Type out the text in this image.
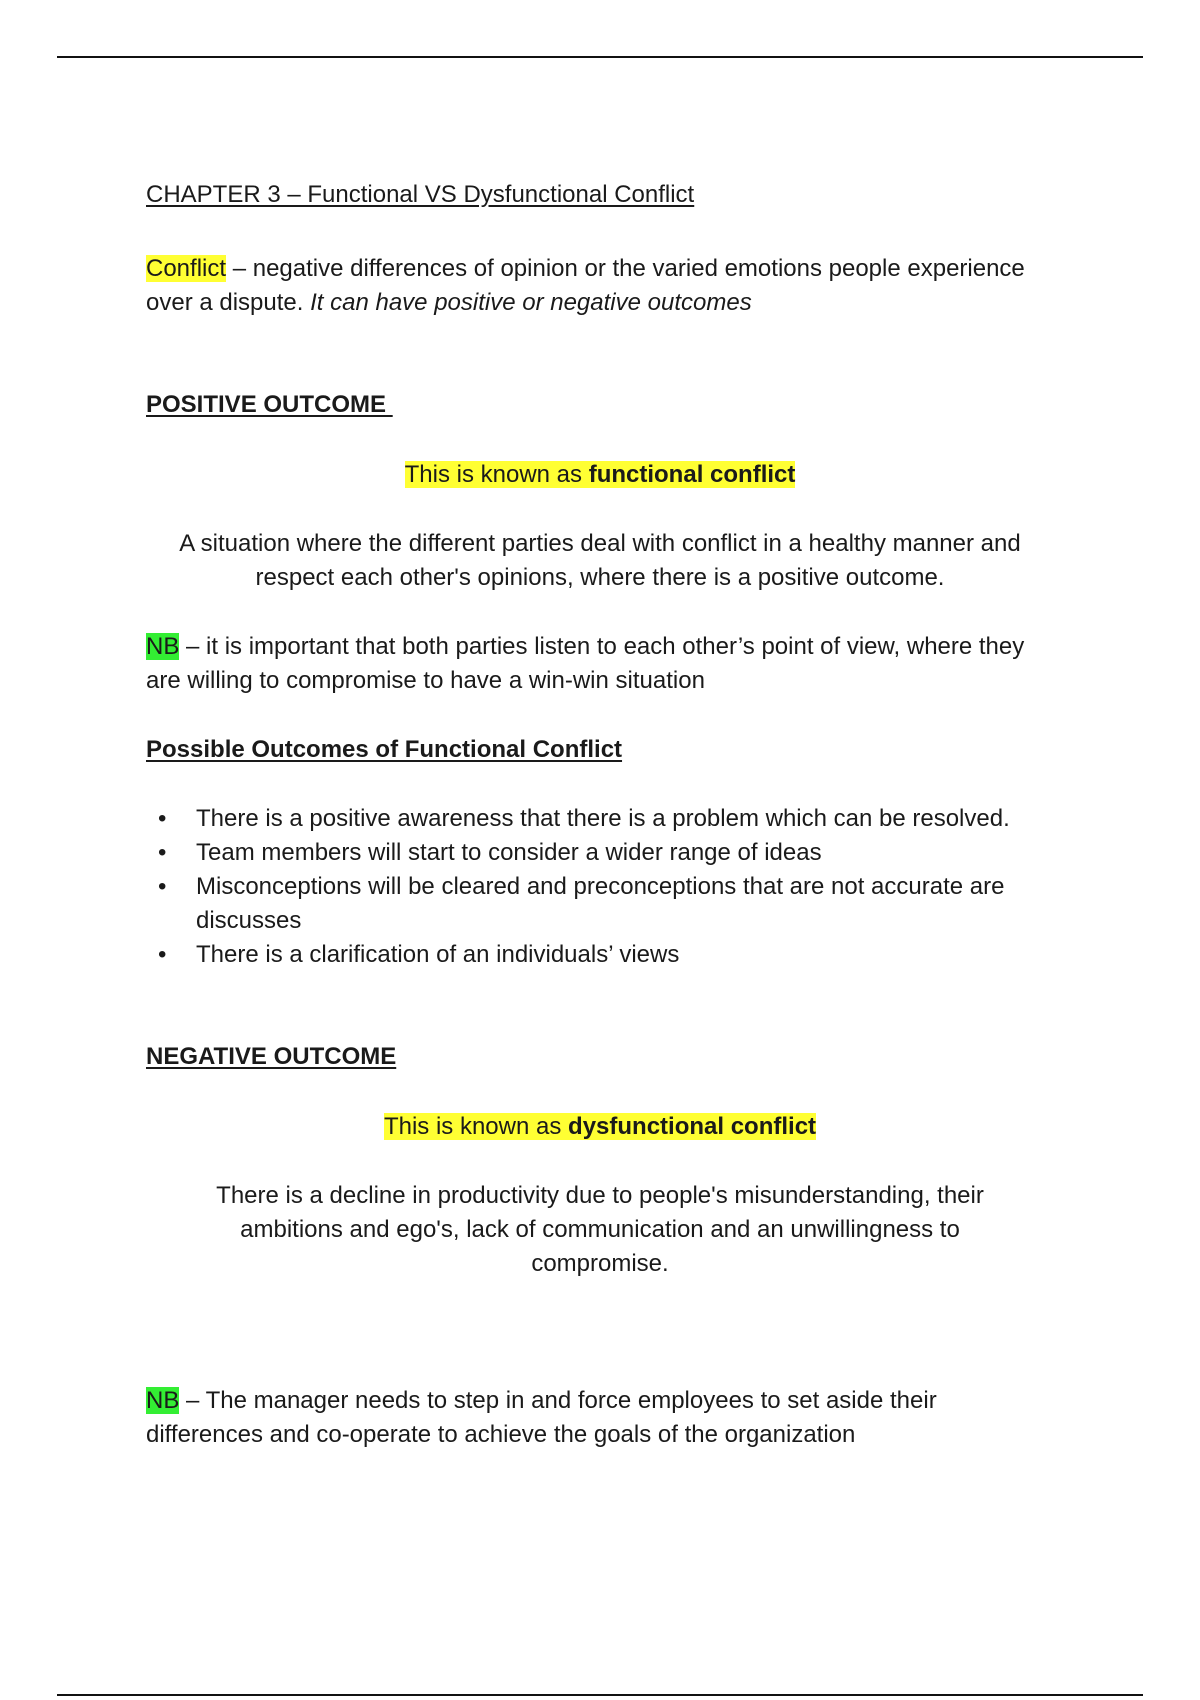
CHAPTER 3 – Functional VS Dysfunctional Conflict

Conflict – negative differences of opinion or the varied emotions people experience over a dispute. It can have positive or negative outcomes

POSITIVE OUTCOME

This is known as functional conflict

A situation where the different parties deal with conflict in a healthy manner and respect each other's opinions, where there is a positive outcome.

NB – it is important that both parties listen to each other’s point of view, where they are willing to compromise to have a win-win situation

Possible Outcomes of Functional Conflict

• There is a positive awareness that there is a problem which can be resolved.
• Team members will start to consider a wider range of ideas
• Misconceptions will be cleared and preconceptions that are not accurate are discusses
• There is a clarification of an individuals’ views

NEGATIVE OUTCOME

This is known as dysfunctional conflict

There is a decline in productivity due to people's misunderstanding, their ambitions and ego's, lack of communication and an unwillingness to compromise.

NB – The manager needs to step in and force employees to set aside their differences and co-operate to achieve the goals of the organization
